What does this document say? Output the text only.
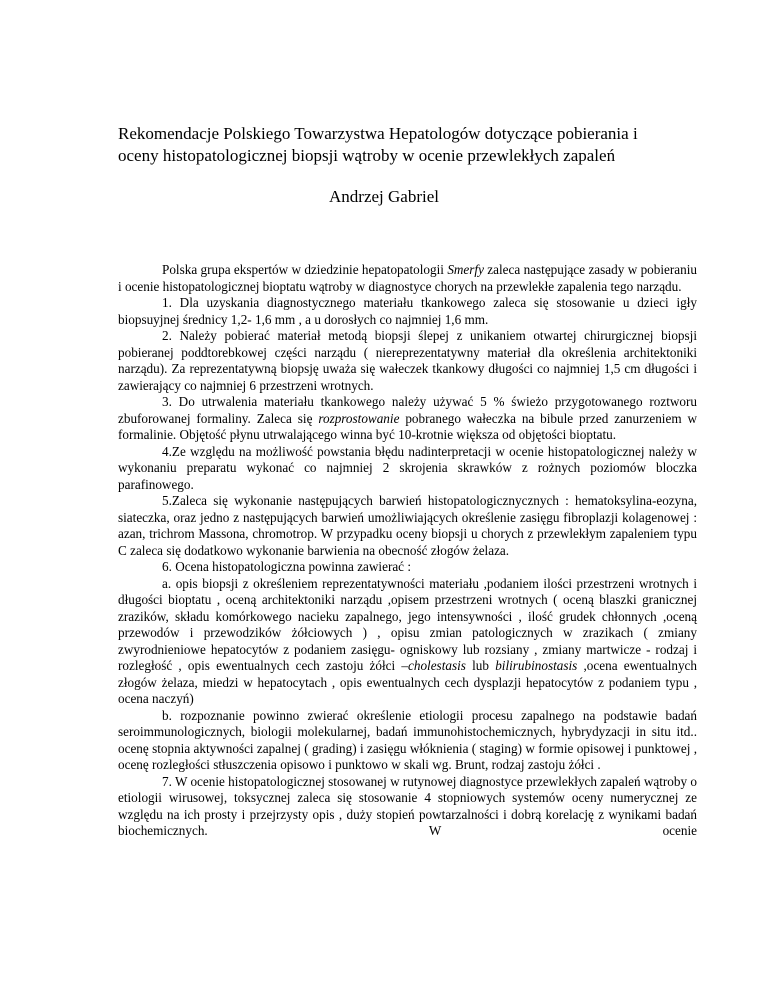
Rekomendacje Polskiego Towarzystwa Hepatologów dotyczące pobierania i
oceny histopatologicznej biopsji wątroby w ocenie przewlekłych zapaleń
Andrzej Gabriel

Polska grupa ekspertów w dziedzinie hepatopatologii Smerfy zaleca następujące zasady w pobieraniu i ocenie histopatologicznej bioptatu wątroby w diagnostyce chorych na przewlekłe zapalenia tego narządu.

1. Dla uzyskania diagnostycznego materiału tkankowego zaleca się stosowanie u dzieci igły biopsuyjnej średnicy 1,2- 1,6 mm , a u dorosłych co najmniej 1,6 mm.

2. Należy pobierać materiał metodą biopsji ślepej z unikaniem otwartej chirurgicznej biopsji pobieranej poddtorebkowej części narządu ( niereprezentatywny materiał dla określenia architektoniki narządu). Za reprezentatywną biopsję uważa się wałeczek tkankowy długości co najmniej 1,5 cm długości i zawierający co najmniej 6 przestrzeni wrotnych.

3. Do utrwalenia materiału tkankowego należy używać 5 % świeżo przygotowanego roztworu zbuforowanej formaliny. Zaleca się rozprostowanie pobranego wałeczka na bibule przed zanurzeniem w formalinie. Objętość płynu utrwalającego winna być 10-krotnie większa od objętości bioptatu.

4.Ze względu na możliwość powstania błędu nadinterpretacji w ocenie histopatologicznej należy w wykonaniu preparatu wykonać co najmniej 2 skrojenia skrawków z rożnych poziomów bloczka parafinowego.

5.Zaleca się wykonanie następujących barwień histopatologicznycznych : hematoksylina-eozyna, siateczka, oraz jedno z następujących barwień umożliwiających określenie zasięgu fibroplazji kolagenowej : azan, trichrom Massona, chromotrop. W przypadku oceny biopsji u chorych z przewlekłym zapaleniem typu C zaleca się dodatkowo wykonanie barwienia na obecność złogów żelaza.

6. Ocena histopatologiczna powinna zawierać :

a. opis biopsji z określeniem reprezentatywności materiału ,podaniem ilości przestrzeni wrotnych i długości bioptatu , oceną architektoniki narządu ,opisem przestrzeni wrotnych ( oceną blaszki granicznej zrazików, składu komórkowego nacieku zapalnego, jego intensywności , ilość grudek chłonnych ,oceną przewodów i przewodzików żółciowych ) , opisu zmian patologicznych w zrazikach ( zmiany zwyrodnieniowe hepatocytów z podaniem zasięgu- ogniskowy lub rozsiany , zmiany martwicze - rodzaj i rozległość , opis ewentualnych cech zastoju żółci –cholestasis lub bilirubinostasis ,ocena ewentualnych złogów żelaza, miedzi w hepatocytach , opis ewentualnych cech dysplazji hepatocytów z podaniem typu , ocena naczyń)

b. rozpoznanie powinno zwierać określenie etiologii procesu zapalnego na podstawie badań seroimmunologicznych, biologii molekularnej, badań immunohistochemicznych, hybrydyzacji in situ itd.. ocenę stopnia aktywności zapalnej ( grading) i zasięgu włóknienia ( staging) w formie opisowej i punktowej , ocenę rozległości stłuszczenia opisowo i punktowo w skali wg. Brunt, rodzaj zastoju żółci .

7. W ocenie histopatologicznej stosowanej w rutynowej diagnostyce przewlekłych zapaleń wątroby o etiologii wirusowej, toksycznej zaleca się stosowanie 4 stopniowych systemów oceny numerycznej ze względu na ich prosty i przejrzysty opis , duży stopień powtarzalności i dobrą korelację z wynikami badań biochemicznych. W ocenie
